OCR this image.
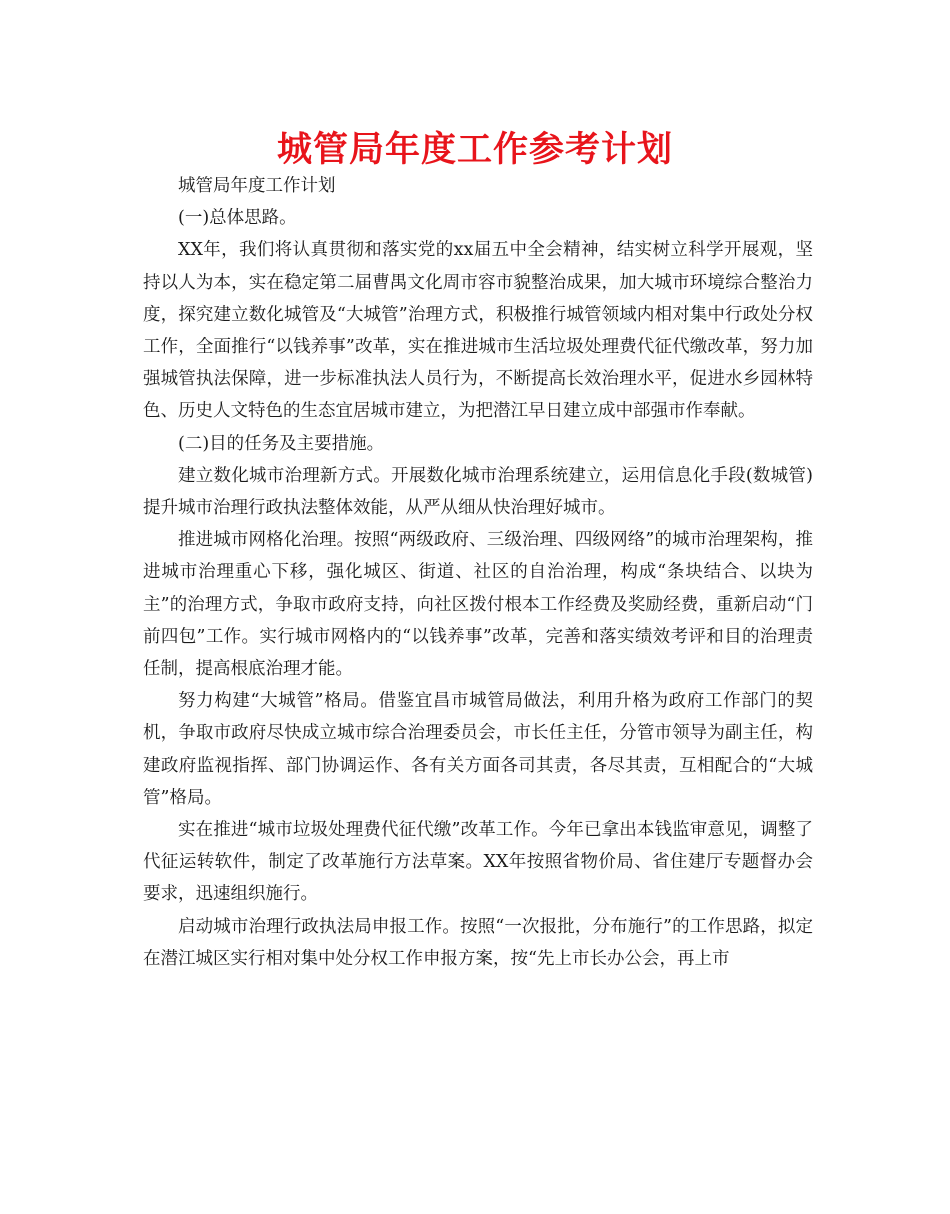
城管局年度工作参考计划

城管局年度工作计划

(一)总体思路。

XX年，我们将认真贯彻和落实党的xx届五中全会精神，结实树立科学开展观，坚持以人为本，实在稳定第二届曹禺文化周市容市貌整治成果，加大城市环境综合整治力度，探究建立数化城管及“大城管”治理方式，积极推行城管领域内相对集中行政处分权工作，全面推行“以钱养事”改革，实在推进城市生活垃圾处理费代征代缴改革，努力加强城管执法保障，进一步标准执法人员行为，不断提高长效治理水平，促进水乡园林特色、历史人文特色的生态宜居城市建立，为把潜江早日建立成中部强市作奉献。

(二)目的任务及主要措施。

建立数化城市治理新方式。开展数化城市治理系统建立，运用信息化手段(数城管)提升城市治理行政执法整体效能，从严从细从快治理好城市。

推进城市网格化治理。按照“两级政府、三级治理、四级网络”的城市治理架构，推进城市治理重心下移，强化城区、街道、社区的自治治理，构成“条块结合、以块为主”的治理方式，争取市政府支持，向社区拨付根本工作经费及奖励经费，重新启动“门前四包”工作。实行城市网格内的“以钱养事”改革，完善和落实绩效考评和目的治理责任制，提高根底治理才能。

努力构建“大城管”格局。借鉴宜昌市城管局做法，利用升格为政府工作部门的契机，争取市政府尽快成立城市综合治理委员会，市长任主任，分管市领导为副主任，构建政府监视指挥、部门协调运作、各有关方面各司其责，各尽其责，互相配合的“大城管”格局。

实在推进“城市垃圾处理费代征代缴”改革工作。今年已拿出本钱监审意见，调整了代征运转软件，制定了改革施行方法草案。XX年按照省物价局、省住建厅专题督办会要求，迅速组织施行。

启动城市治理行政执法局申报工作。按照“一次报批，分布施行”的工作思路，拟定在潜江城区实行相对集中处分权工作申报方案，按“先上市长办公会，再上市
